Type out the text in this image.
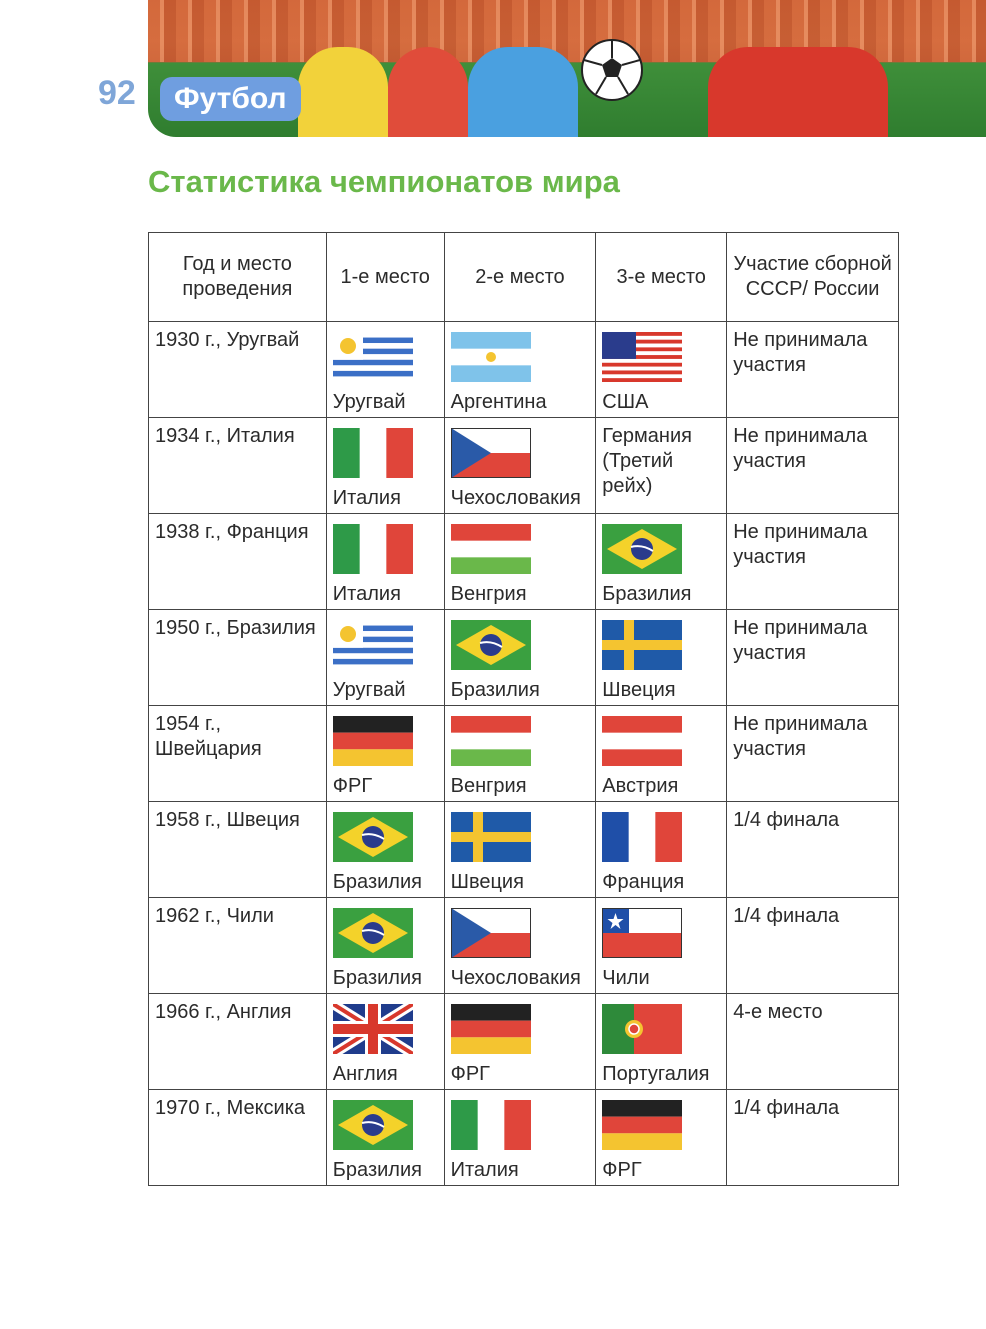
92	Футбол
Статистика чемпионатов мира
Год и место проведения	1-е место	2-е место	3-е место	Участие сборной СССР/ России

1930 г., Уругвай	Уругвай	Аргентина	США	Не принимала участия

1934 г., Италия	Италия	Чехословакия	Германия (Третий рейх)	Не принимала участия

1938 г., Франция	Италия	Венгрия	Бразилия	Не принимала участия

1950 г., Бразилия	Уругвай	Бразилия	Швеция	Не принимала участия

1954 г., Швейцария	ФРГ	Венгрия	Австрия	Не принимала участия

1958 г., Швеция	Бразилия	Швеция	Франция	1/4 финала

1962 г., Чили	Бразилия	Чехословакия	Чили	1/4 финала

1966 г., Англия	Англия	ФРГ	Португалия	4-е место

1970 г., Мексика	Бразилия	Италия	ФРГ	1/4 финала
